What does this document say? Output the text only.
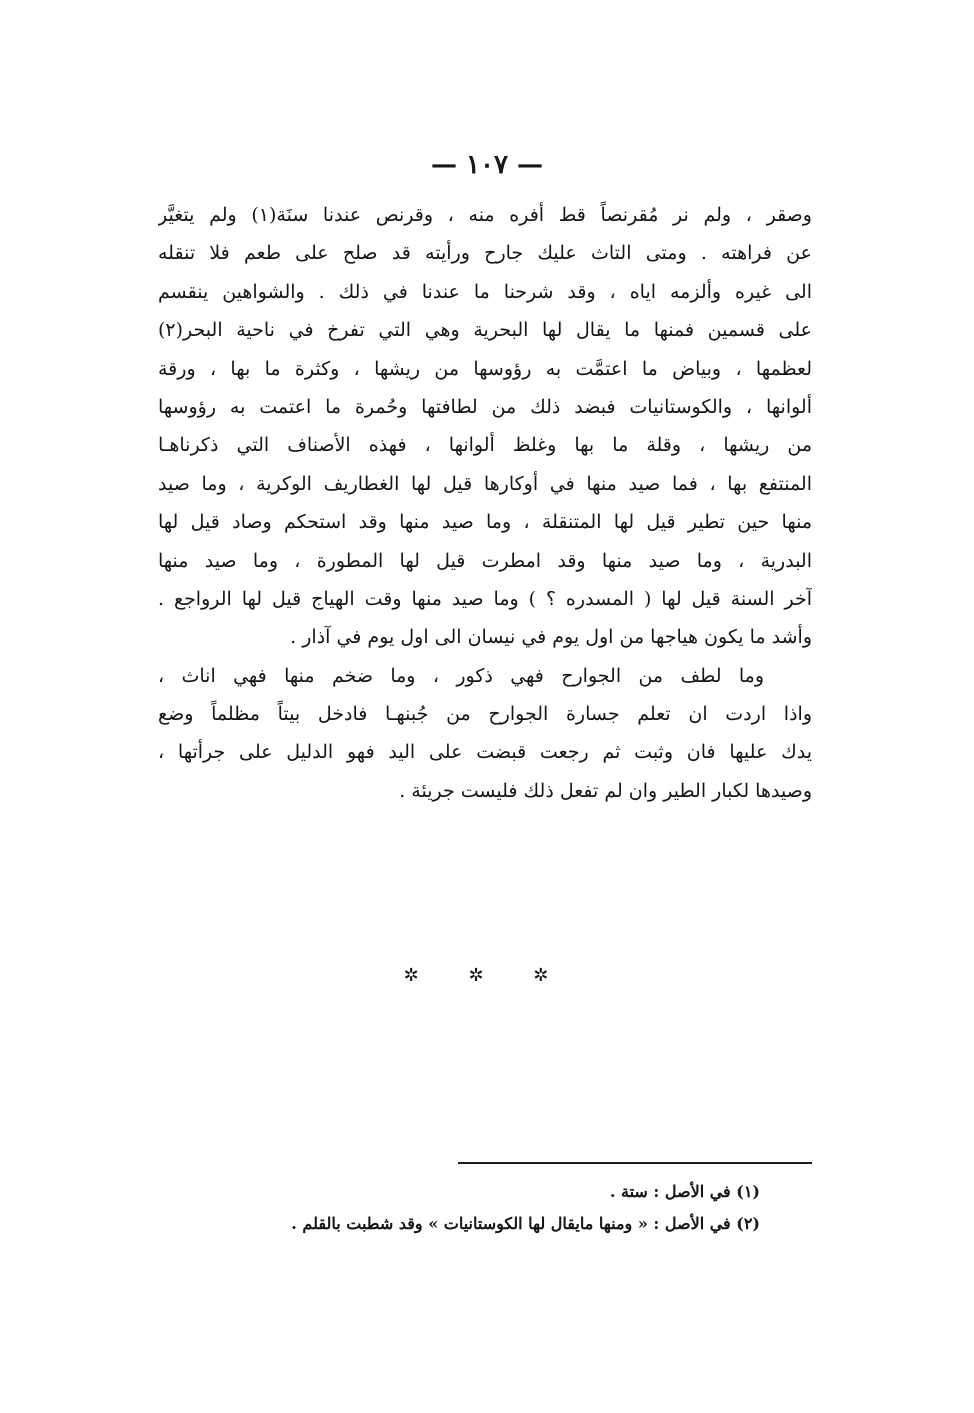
— ١٠٧ —
وصقر ، ولم نر مُقرنصاً قط أفره منه ، وقرنص عندنا سنَة(١) ولم يتغيَّر
عن فراهته . ومتى التاث عليك جارح ورأيته قد صلح على طعم فلا تنقله
الى غيره وألزمه اياه ، وقد شرحنا ما عندنا في ذلك . والشواهين ينقسم
على قسمين فمنها ما يقال لها البحرية وهي التي تفرخ في ناحية البحر(٢)
لعظمها ، وبياض ما اعتمَّت به رؤوسها من ريشها ، وكثرة ما بها ، ورقة
ألوانها ، والكوستانيات فبضد ذلك من لطافتها وحُمرة ما اعتمت به رؤوسها
من ريشها ، وقلة ما بها وغلظ ألوانها ، فهذه الأصناف التي ذكرناهـا
المنتفع بها ، فما صيد منها في أوكارها قيل لها الغطاريف الوكرية ، وما صيد
منها حين تطير قيل لها المتنقلة ، وما صيد منها وقد استحكم وصاد قيل لها
البدرية ، وما صيد منها وقد امطرت قيل لها المطورة ، وما صيد منها
آخر السنة قيل لها ( المسدره ؟ ) وما صيد منها وقت الهياج قيل لها الرواجع .
وأشد ما يكون هياجها من اول يوم في نيسان الى اول يوم في آذار .
وما لطف من الجوارح فهي ذكور ، وما ضخم منها فهي اناث ،
واذا اردت ان تعلم جسارة الجوارح من جُبنهـا فادخل بيتاً مظلماً وضع
يدك عليها فان وثبت ثم رجعت قبضت على اليد فهو الدليل على جرأتها ،
وصيدها لكبار الطير وان لم تفعل ذلك فليست جريئة .
✲ ✲ ✲
(١) في الأصل : ستة .
(٢) في الأصل : « ومنها مايقال لها الكوستانيات » وقد شطبت بالقلم .
